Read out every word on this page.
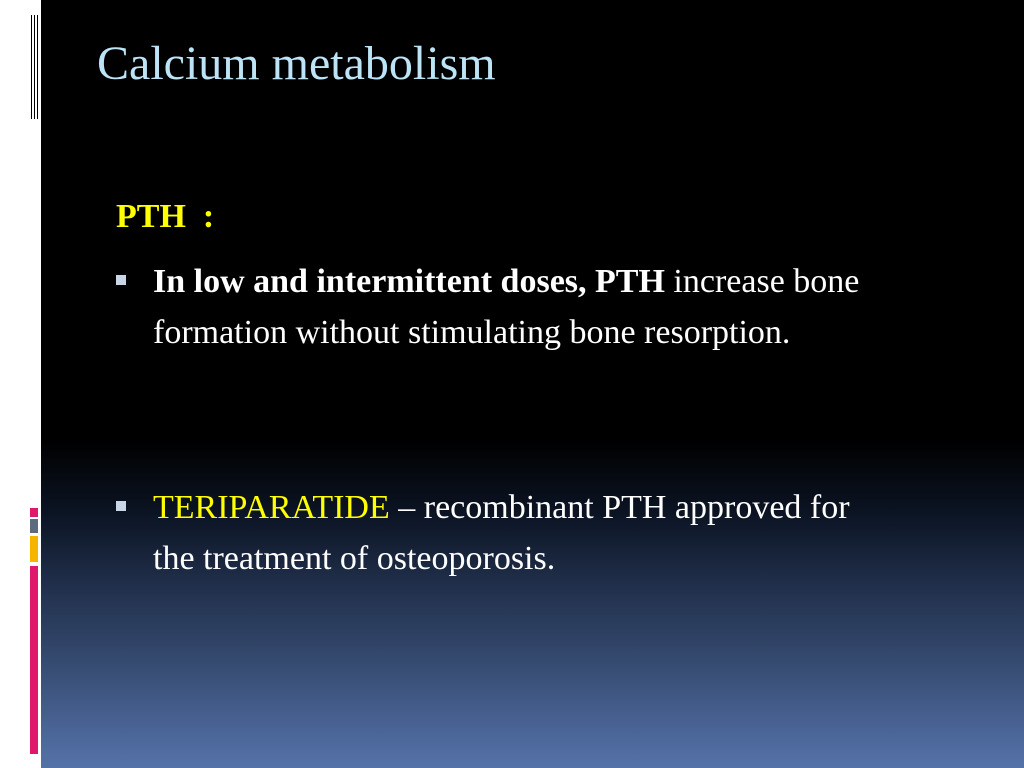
Calcium metabolism
PTH  :
In low and intermittent doses, PTH increase bone formation without stimulating bone resorption.
TERIPARATIDE – recombinant PTH approved for the treatment of osteoporosis.
